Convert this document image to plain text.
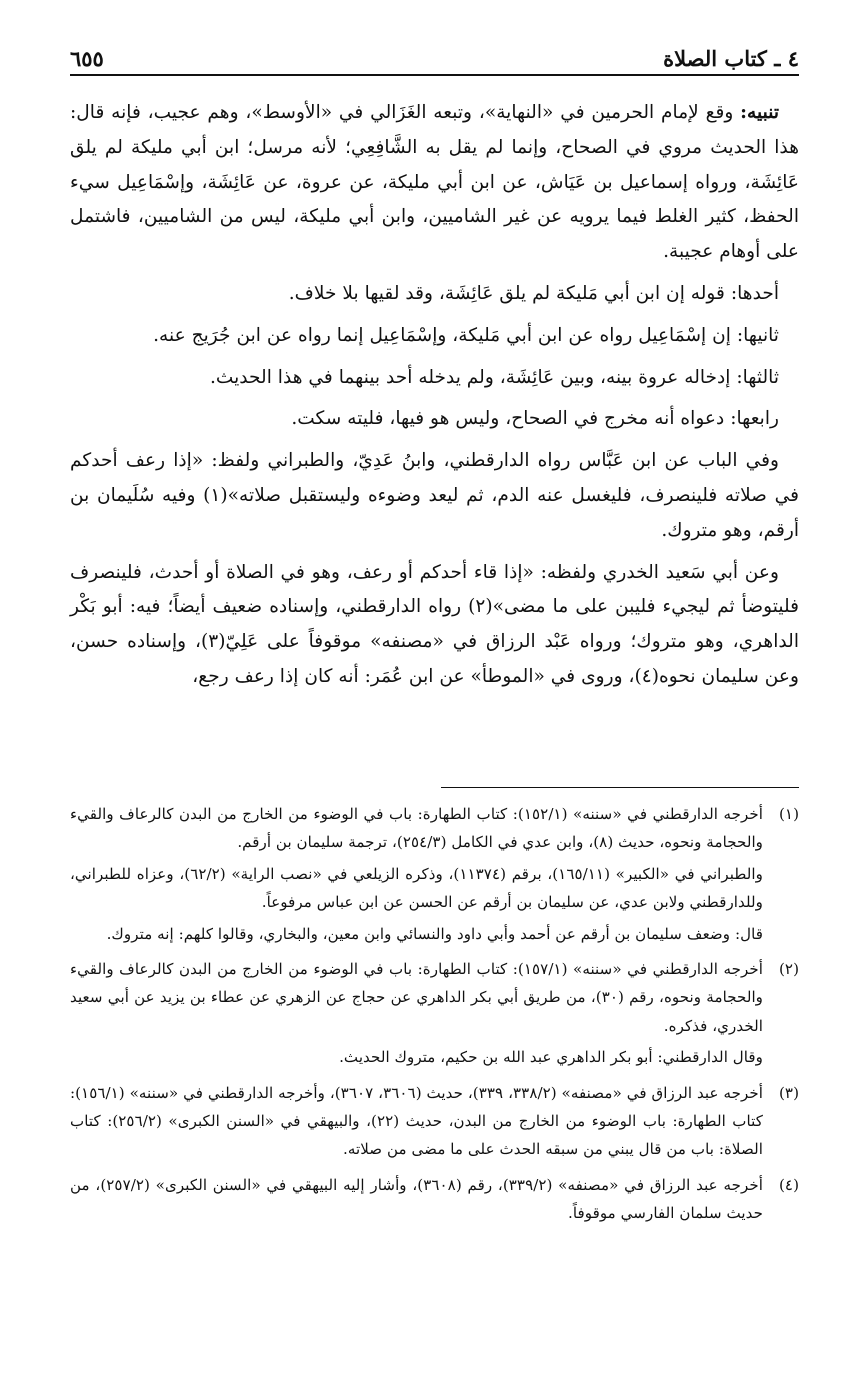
٤ ـ كتاب الصلاة
٦٥٥

تنبيه: وقع لإمام الحرمين في «النهاية»، وتبعه الغَزَالي في «الأوسط»، وهم عجيب، فإنه قال: هذا الحديث مروي في الصحاح، وإنما لم يقل به الشَّافِعِي؛ لأنه مرسل؛ ابن أبي مليكة لم يلق عَائِشَة، ورواه إسماعيل بن عَيَاش، عن ابن أبي مليكة، عن عروة، عن عَائِشَة، وإسْمَاعِيل سيء الحفظ، كثير الغلط فيما يرويه عن غير الشاميين، وابن أبي مليكة، ليس من الشاميين، فاشتمل على أوهام عجيبة.

أحدها: قوله إن ابن أبي مَليكة لم يلق عَائِشَة، وقد لقيها بلا خلاف.

ثانيها: إن إسْمَاعِيل رواه عن ابن أبي مَليكة، وإسْمَاعِيل إنما رواه عن ابن جُرَيج عنه.

ثالثها: إدخاله عروة بينه، وبين عَائِشَة، ولم يدخله أحد بينهما في هذا الحديث.

رابعها: دعواه أنه مخرج في الصحاح، وليس هو فيها، فليته سكت.

وفي الباب عن ابن عَبَّاس رواه الدارقطني، وابنُ عَدِيّ، والطبراني ولفظ: «إذا رعف أحدكم في صلاته فلينصرف، فليغسل عنه الدم، ثم ليعد وضوءه وليستقبل صلاته»(١) وفيه سُلَيمان بن أرقم، وهو متروك.

وعن أبي سَعيد الخدري ولفظه: «إذا قاء أحدكم أو رعف، وهو في الصلاة أو أحدث، فلينصرف فليتوضأ ثم ليجيء فليبن على ما مضى»(٢) رواه الدارقطني، وإسناده ضعيف أيضاً؛ فيه: أبو بَكْر الداهري، وهو متروك؛ ورواه عَبْد الرزاق في «مصنفه» موقوفاً على عَلِيّ(٣)، وإسناده حسن، وعن سليمان نحوه(٤)، وروى في «الموطأ» عن ابن عُمَر: أنه كان إذا رعف رجع،

(١)

أخرجه الدارقطني في «سننه» (١٥٢/١): كتاب الطهارة: باب في الوضوء من الخارج من البدن كالرعاف والقيء والحجامة ونحوه، حديث (٨)، وابن عدي في الكامل (٢٥٤/٣)، ترجمة سليمان بن أرقم.

والطبراني في «الكبير» (١٦٥/١١)، برقم (١١٣٧٤)، وذكره الزيلعي في «نصب الراية» (٦٢/٢)، وعزاه للطبراني، وللدارقطني ولابن عدي، عن سليمان بن أرقم عن الحسن عن ابن عباس مرفوعاً.

قال: وضعف سليمان بن أرقم عن أحمد وأبي داود والنسائي وابن معين، والبخاري، وقالوا كلهم: إنه متروك.

(٢)

أخرجه الدارقطني في «سننه» (١٥٧/١): كتاب الطهارة: باب في الوضوء من الخارج من البدن كالرعاف والقيء والحجامة ونحوه، رقم (٣٠)، من طريق أبي بكر الداهري عن حجاج عن الزهري عن عطاء بن يزيد عن أبي سعيد الخدري، فذكره.

وقال الدارقطني: أبو بكر الداهري عبد الله بن حكيم، متروك الحديث.

(٣)

أخرجه عبد الرزاق في «مصنفه» (٣٣٨/٢، ٣٣٩)، حديث (٣٦٠٦، ٣٦٠٧)، وأخرجه الدارقطني في «سننه» (١٥٦/١): كتاب الطهارة: باب الوضوء من الخارج من البدن، حديث (٢٢)، والبيهقي في «السنن الكبرى» (٢٥٦/٢): كتاب الصلاة: باب من قال يبني من سبقه الحدث على ما مضى من صلاته.

(٤)

أخرجه عبد الرزاق في «مصنفه» (٣٣٩/٢)، رقم (٣٦٠٨)، وأشار إليه البيهقي في «السنن الكبرى» (٢٥٧/٢)، من حديث سلمان الفارسي موقوفاً.
